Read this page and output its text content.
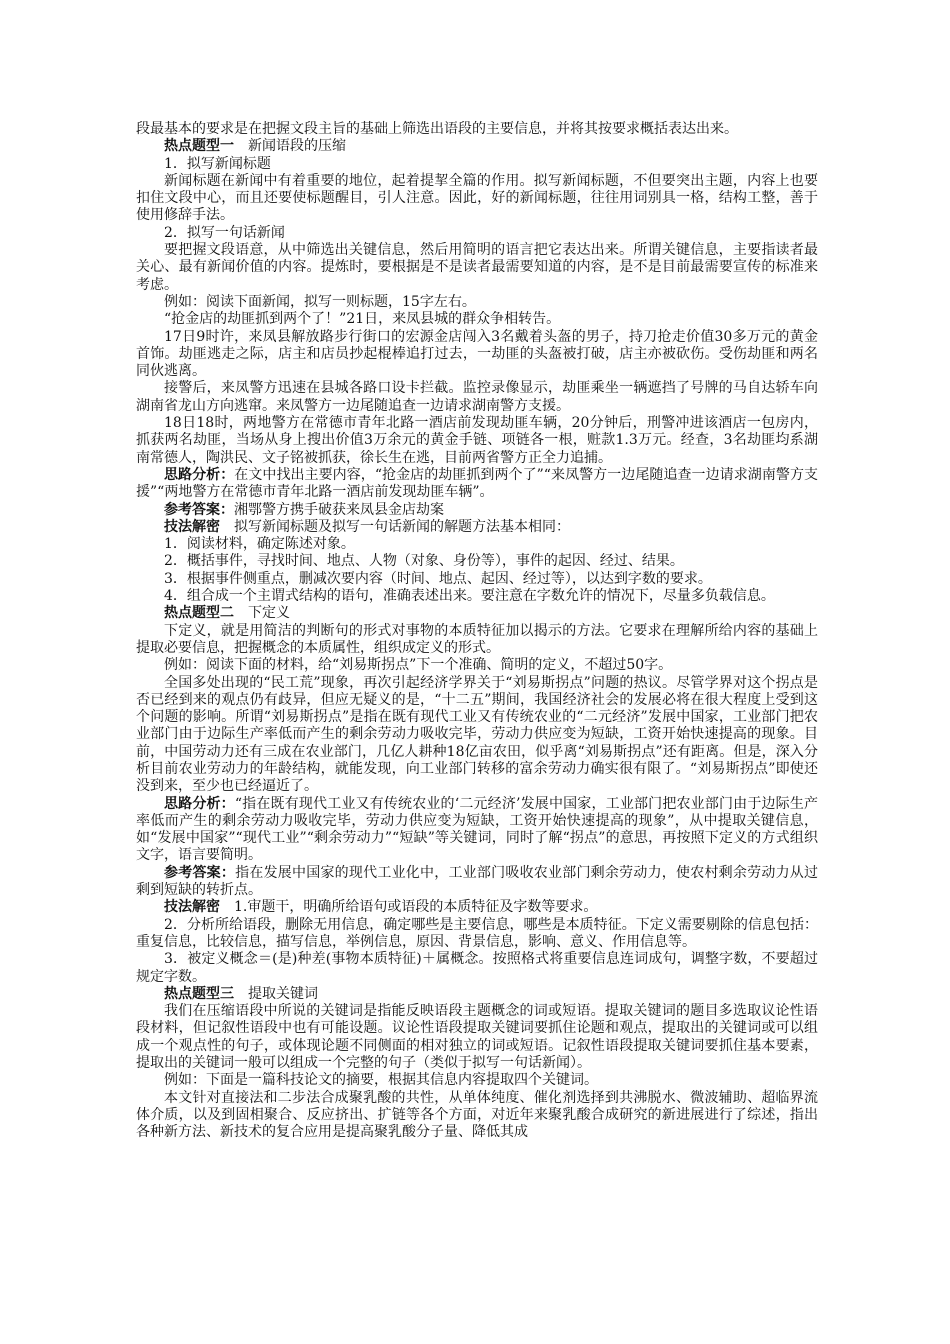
段最基本的要求是在把握文段主旨的基础上筛选出语段的主要信息，并将其按要求概括表达出来。

热点题型一 新闻语段的压缩

1．拟写新闻标题

新闻标题在新闻中有着重要的地位，起着提挈全篇的作用。拟写新闻标题，不但要突出主题，内容上也要扣住文段中心，而且还要使标题醒目，引人注意。因此，好的新闻标题，往往用词别具一格，结构工整，善于使用修辞手法。

2．拟写一句话新闻

要把握文段语意，从中筛选出关键信息，然后用简明的语言把它表达出来。所谓关键信息，主要指读者最关心、最有新闻价值的内容。提炼时，要根据是不是读者最需要知道的内容，是不是目前最需要宣传的标准来考虑。

例如：阅读下面新闻，拟写一则标题，15字左右。

“抢金店的劫匪抓到两个了！”21日，来凤县城的群众争相转告。

17日9时许，来凤县解放路步行街口的宏源金店闯入3名戴着头盔的男子，持刀抢走价值30多万元的黄金首饰。劫匪逃走之际，店主和店员抄起棍棒追打过去，一劫匪的头盔被打破，店主亦被砍伤。受伤劫匪和两名同伙逃离。

接警后，来凤警方迅速在县城各路口设卡拦截。监控录像显示，劫匪乘坐一辆遮挡了号牌的马自达轿车向湖南省龙山方向逃窜。来凤警方一边尾随追查一边请求湖南警方支援。

18日18时，两地警方在常德市青年北路一酒店前发现劫匪车辆，20分钟后，刑警冲进该酒店一包房内，抓获两名劫匪，当场从身上搜出价值3万余元的黄金手链、项链各一根，赃款1.3万元。经查，3名劫匪均系湖南常德人，陶洪民、文子铭被抓获，徐长生在逃，目前两省警方正全力追捕。

思路分析：在文中找出主要内容，“抢金店的劫匪抓到两个了”“来凤警方一边尾随追查一边请求湖南警方支援”“两地警方在常德市青年北路一酒店前发现劫匪车辆”。

参考答案：湘鄂警方携手破获来凤县金店劫案

技法解密 拟写新闻标题及拟写一句话新闻的解题方法基本相同：

1．阅读材料，确定陈述对象。

2．概括事件，寻找时间、地点、人物（对象、身份等），事件的起因、经过、结果。

3．根据事件侧重点，删减次要内容（时间、地点、起因、经过等），以达到字数的要求。

4．组合成一个主谓式结构的语句，准确表述出来。要注意在字数允许的情况下，尽量多负载信息。

热点题型二 下定义

下定义，就是用简洁的判断句的形式对事物的本质特征加以揭示的方法。它要求在理解所给内容的基础上提取必要信息，把握概念的本质属性，组织成定义的形式。

例如：阅读下面的材料，给“刘易斯拐点”下一个准确、简明的定义，不超过50字。

全国多处出现的“民工荒”现象，再次引起经济学界关于“刘易斯拐点”问题的热议。尽管学界对这个拐点是否已经到来的观点仍有歧异，但应无疑义的是，“十二五”期间，我国经济社会的发展必将在很大程度上受到这个问题的影响。所谓“刘易斯拐点”是指在既有现代工业又有传统农业的“二元经济”发展中国家，工业部门把农业部门由于边际生产率低而产生的剩余劳动力吸收完毕，劳动力供应变为短缺，工资开始快速提高的现象。目前，中国劳动力还有三成在农业部门，几亿人耕种18亿亩农田，似乎离“刘易斯拐点”还有距离。但是，深入分析目前农业劳动力的年龄结构，就能发现，向工业部门转移的富余劳动力确实很有限了。“刘易斯拐点”即使还没到来，至少也已经逼近了。

思路分析：“指在既有现代工业又有传统农业的‘二元经济’发展中国家，工业部门把农业部门由于边际生产率低而产生的剩余劳动力吸收完毕，劳动力供应变为短缺，工资开始快速提高的现象”，从中提取关键信息，如“发展中国家”“现代工业”“剩余劳动力”“短缺”等关键词，同时了解“拐点”的意思，再按照下定义的方式组织文字，语言要简明。

参考答案：指在发展中国家的现代工业化中，工业部门吸收农业部门剩余劳动力，使农村剩余劳动力从过剩到短缺的转折点。

技法解密 1.审题干，明确所给语句或语段的本质特征及字数等要求。

2．分析所给语段，删除无用信息，确定哪些是主要信息，哪些是本质特征。下定义需要剔除的信息包括：重复信息，比较信息，描写信息，举例信息，原因、背景信息，影响、意义、作用信息等。

3．被定义概念＝(是)种差(事物本质特征)＋属概念。按照格式将重要信息连词成句，调整字数，不要超过规定字数。

热点题型三 提取关键词

我们在压缩语段中所说的关键词是指能反映语段主题概念的词或短语。提取关键词的题目多选取议论性语段材料，但记叙性语段中也有可能设题。议论性语段提取关键词要抓住论题和观点，提取出的关键词或可以组成一个观点性的句子，或体现论题不同侧面的相对独立的词或短语。记叙性语段提取关键词要抓住基本要素，提取出的关键词一般可以组成一个完整的句子（类似于拟写一句话新闻）。

例如：下面是一篇科技论文的摘要，根据其信息内容提取四个关键词。

本文针对直接法和二步法合成聚乳酸的共性，从单体纯度、催化剂选择到共沸脱水、微波辅助、超临界流体介质，以及到固相聚合、反应挤出、扩链等各个方面，对近年来聚乳酸合成研究的新进展进行了综述，指出各种新方法、新技术的复合应用是提高聚乳酸分子量、降低其成
